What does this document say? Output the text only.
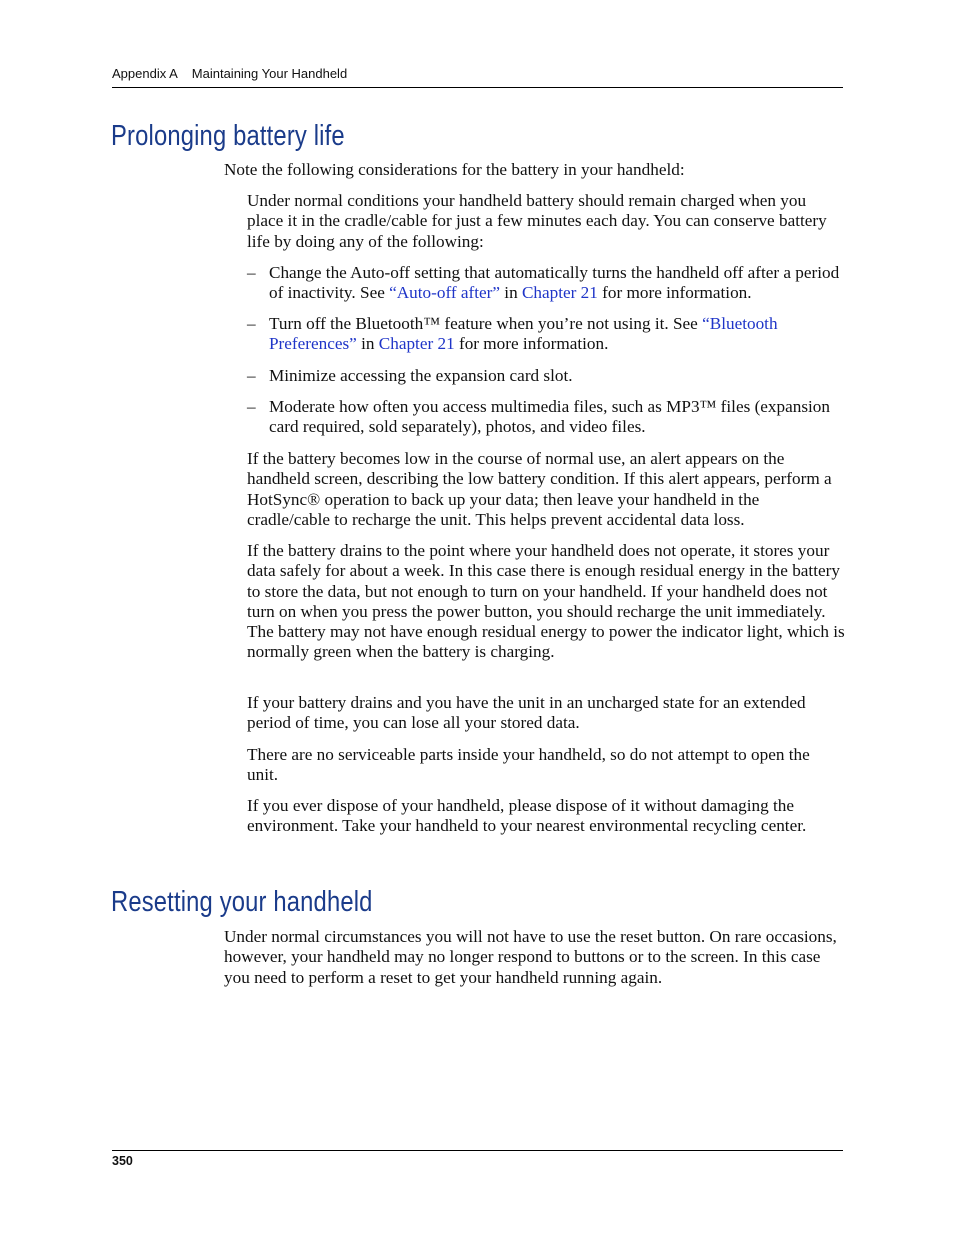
Appendix A Maintaining Your Handheld
Prolonging battery life

Note the following considerations for the battery in your handheld:

Under normal conditions your handheld battery should remain charged when you place it in the cradle/cable for just a few minutes each day. You can conserve battery life by doing any of the following:

– Change the Auto-off setting that automatically turns the handheld off after a period of inactivity. See “Auto-off after” in Chapter 21 for more information.

– Turn off the Bluetooth™ feature when you’re not using it. See “Bluetooth Preferences” in Chapter 21 for more information.

– Minimize accessing the expansion card slot.

– Moderate how often you access multimedia files, such as MP3™ files (expansion card required, sold separately), photos, and video files.

If the battery becomes low in the course of normal use, an alert appears on the handheld screen, describing the low battery condition. If this alert appears, perform a HotSync® operation to back up your data; then leave your handheld in the cradle/cable to recharge the unit. This helps prevent accidental data loss.

If the battery drains to the point where your handheld does not operate, it stores your data safely for about a week. In this case there is enough residual energy in the battery to store the data, but not enough to turn on your handheld. If your handheld does not turn on when you press the power button, you should recharge the unit immediately. The battery may not have enough residual energy to power the indicator light, which is normally green when the battery is charging.

If your battery drains and you have the unit in an uncharged state for an extended period of time, you can lose all your stored data.

There are no serviceable parts inside your handheld, so do not attempt to open the unit.

If you ever dispose of your handheld, please dispose of it without damaging the environment. Take your handheld to your nearest environmental recycling center.

Resetting your handheld

Under normal circumstances you will not have to use the reset button. On rare occasions, however, your handheld may no longer respond to buttons or to the screen. In this case you need to perform a reset to get your handheld running again.

350
